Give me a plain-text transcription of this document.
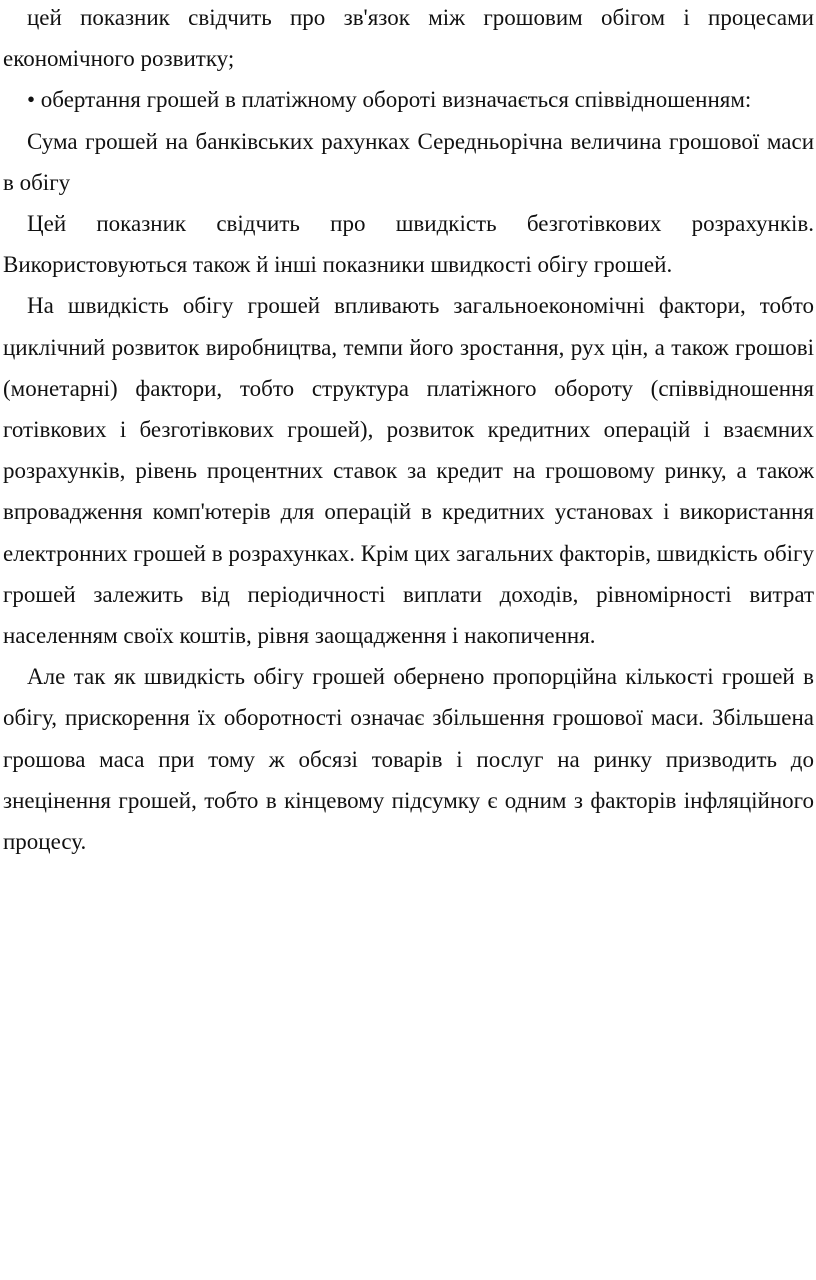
цей показник свідчить про зв'язок між грошовим обігом і процесами економічного розвитку;

• обертання грошей в платіжному обороті визначається співвідношенням:

Сума грошей на банківських рахунках Середньорічна величина грошової маси в обігу

Цей показник свідчить про швидкість безготівкових розрахунків. Використовуються також й інші показники швидкості обігу грошей.

На швидкість обігу грошей впливають загальноекономічні фактори, тобто циклічний розвиток виробництва, темпи його зростання, рух цін, а також грошові (монетарні) фактори, тобто структура платіжного обороту (співвідношення готівкових і безготівкових грошей), розвиток кредитних операцій і взаємних розрахунків, рівень процентних ставок за кредит на грошовому ринку, а також впровадження комп'ютерів для операцій в кредитних установах і використання електронних грошей в розрахунках. Крім цих загальних факторів, швидкість обігу грошей залежить від періодичності виплати доходів, рівномірності витрат населенням своїх коштів, рівня заощадження і накопичення.

Але так як швидкість обігу грошей обернено пропорційна кількості грошей в обігу, прискорення їх оборотності означає збільшення грошової маси. Збільшена грошова маса при тому ж обсязі товарів і послуг на ринку призводить до знецінення грошей, тобто в кінцевому підсумку є одним з факторів інфляційного процесу.
